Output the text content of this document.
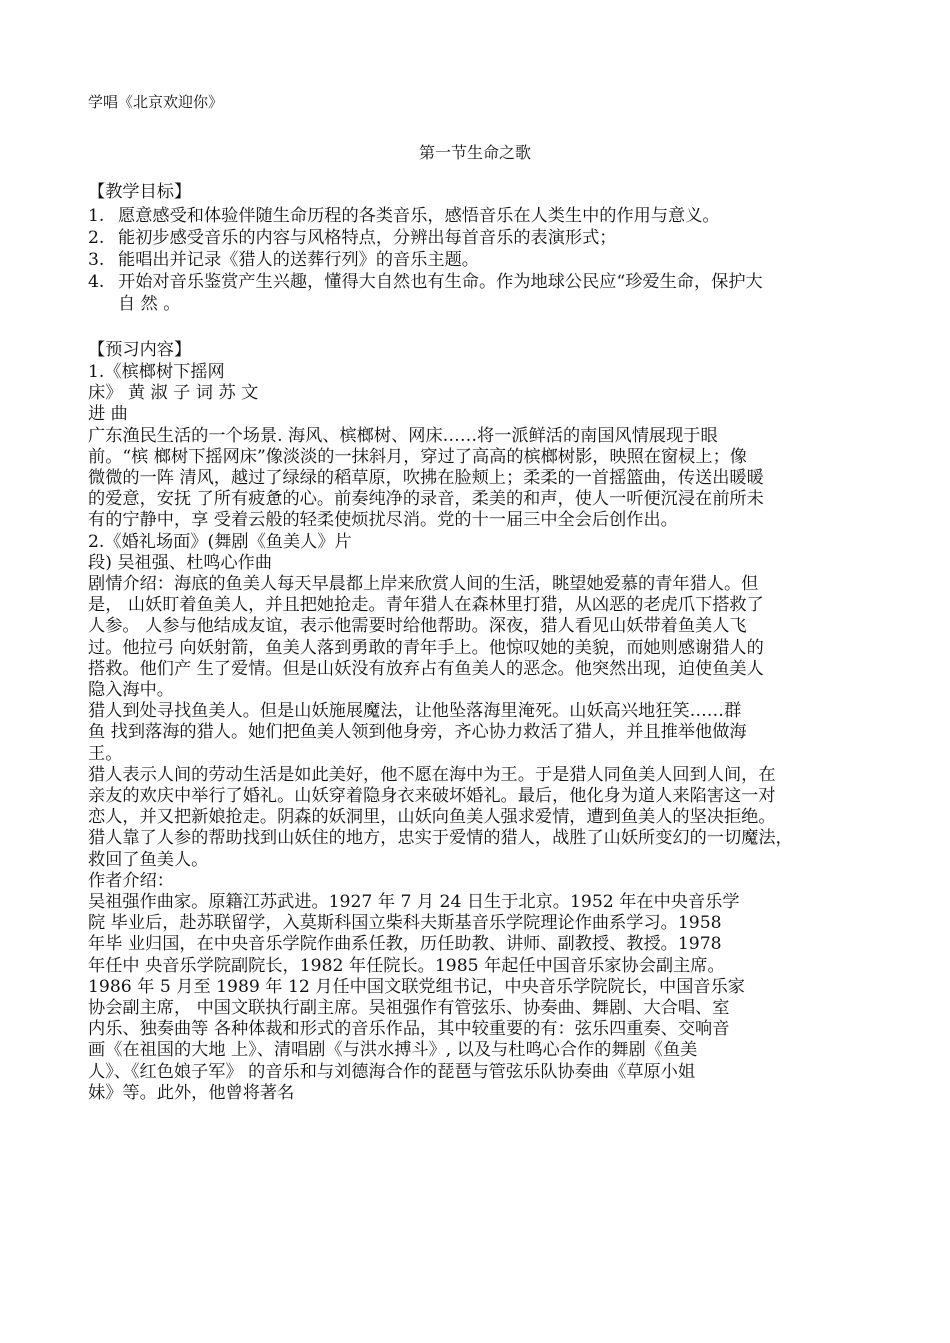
学唱《北京欢迎你》
第一节生命之歌
【教学目标】
1. 愿意感受和体验伴随生命历程的各类音乐，感悟音乐在人类生中的作用与意义。
2. 能初步感受音乐的内容与风格特点，分辨出每首音乐的表演形式；
3. 能唱出并记录《猎人的送葬行列》的音乐主题。
4. 开始对音乐鉴赏产生兴趣，懂得大自然也有生命。作为地球公民应“珍爱生命，保护大
自 然 。
【预习内容】
1.《槟榔树下摇网
床》 黄 淑 子 词 苏 文
进 曲
广东渔民生活的一个场景. 海风、槟榔树、网床……将一派鲜活的南国风情展现于眼
前。“槟 榔树下摇网床”像淡淡的一抹斜月，穿过了高高的槟榔树影，映照在窗棂上；像
微微的一阵 清风，越过了绿绿的稻草原，吹拂在脸颊上；柔柔的一首摇篮曲，传送出暖暖
的爱意，安抚 了所有疲惫的心。前奏纯净的录音，柔美的和声，使人一听便沉浸在前所未
有的宁静中，享 受着云般的轻柔使烦扰尽消。党的十一届三中全会后创作出。
2.《婚礼场面》(舞剧《鱼美人》片
段) 吴祖强、杜鸣心作曲
剧情介绍：海底的鱼美人每天早晨都上岸来欣赏人间的生活，眺望她爱慕的青年猎人。但
是， 山妖盯着鱼美人，并且把她抢走。青年猎人在森林里打猎，从凶恶的老虎爪下搭救了
人参。 人参与他结成友谊，表示他需要时给他帮助。深夜，猎人看见山妖带着鱼美人飞
过。他拉弓 向妖射箭，鱼美人落到勇敢的青年手上。他惊叹她的美貌，而她则感谢猎人的
搭救。他们产 生了爱情。但是山妖没有放弃占有鱼美人的恶念。他突然出现，迫使鱼美人
隐入海中。
猎人到处寻找鱼美人。但是山妖施展魔法，让他坠落海里淹死。山妖高兴地狂笑……群
鱼 找到落海的猎人。她们把鱼美人领到他身旁，齐心协力救活了猎人，并且推举他做海
王。
猎人表示人间的劳动生活是如此美好，他不愿在海中为王。于是猎人同鱼美人回到人间，在
亲友的欢庆中举行了婚礼。山妖穿着隐身衣来破坏婚礼。最后，他化身为道人来陷害这一对
恋人，并又把新娘抢走。阴森的妖洞里，山妖向鱼美人强求爱情，遭到鱼美人的坚决拒绝。
猎人靠了人参的帮助找到山妖住的地方，忠实于爱情的猎人，战胜了山妖所变幻的一切魔法，
救回了鱼美人。
作者介绍：
吴祖强作曲家。原籍江苏武进。1927 年 7 月 24 日生于北京。1952 年在中央音乐学
院 毕业后，赴苏联留学，入莫斯科国立柴科夫斯基音乐学院理论作曲系学习。1958
年毕 业归国，在中央音乐学院作曲系任教，历任助教、讲师、副教授、教授。1978
年任中 央音乐学院副院长，1982 年任院长。1985 年起任中国音乐家协会副主席。
1986 年 5 月至 1989 年 12 月任中国文联党组书记，中央音乐学院院长，中国音乐家
协会副主席， 中国文联执行副主席。吴祖强作有管弦乐、协奏曲、舞剧、大合唱、室
内乐、独奏曲等 各种体裁和形式的音乐作品，其中较重要的有：弦乐四重奏、交响音
画《在祖国的大地 上》、清唱剧《与洪水搏斗》, 以及与杜鸣心合作的舞剧《鱼美
人》、《红色娘子军》 的音乐和与刘德海合作的琵琶与管弦乐队协奏曲《草原小姐
妹》等。此外，他曾将著名
